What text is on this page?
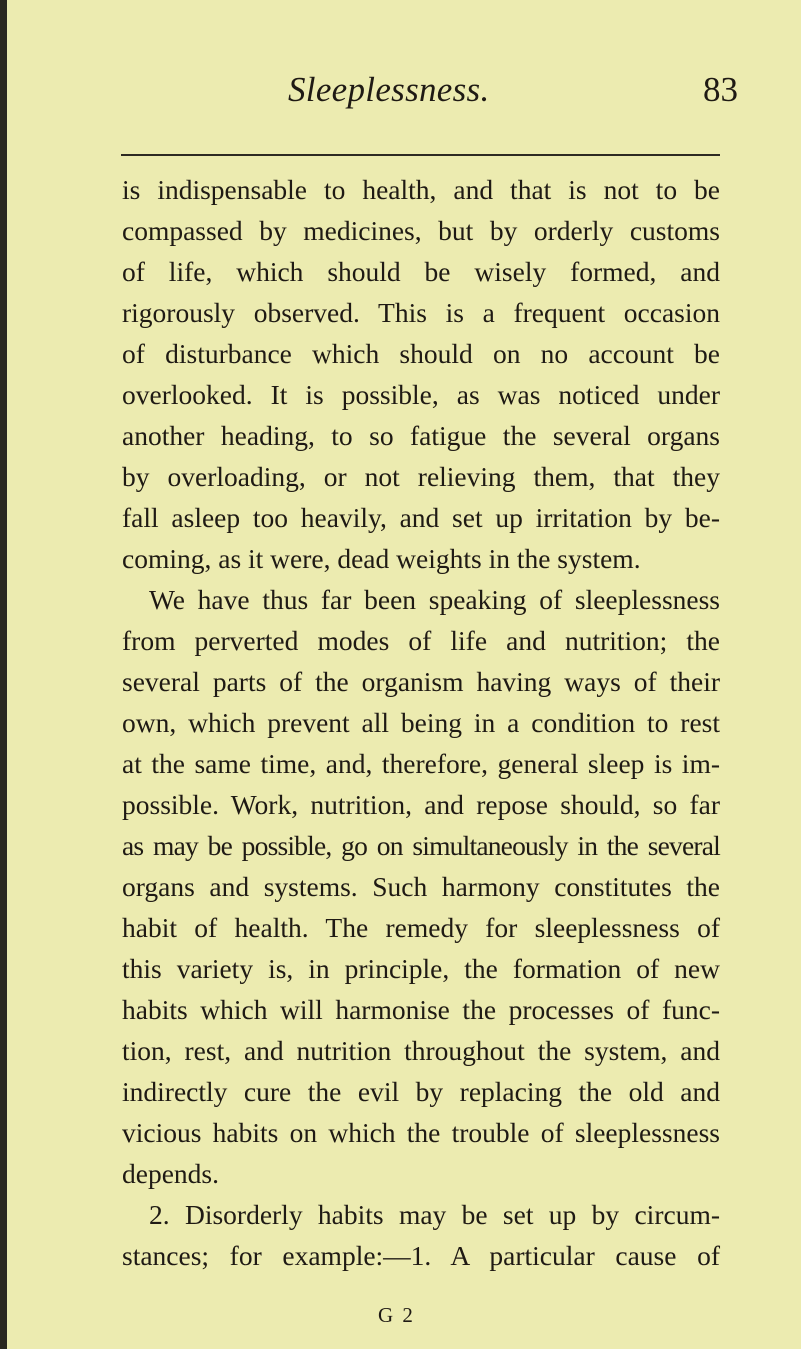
Sleeplessness.	83
is indispensable to health, and that is not to be
compassed by medicines, but by orderly customs
of life, which should be wisely formed, and
rigorously observed. This is a frequent occasion
of disturbance which should on no account be
overlooked. It is possible, as was noticed under
another heading, to so fatigue the several organs
by overloading, or not relieving them, that they
fall asleep too heavily, and set up irritation by be-
coming, as it were, dead weights in the system.
We have thus far been speaking of sleeplessness
from perverted modes of life and nutrition; the
several parts of the organism having ways of their
own, which prevent all being in a condition to rest
at the same time, and, therefore, general sleep is im-
possible. Work, nutrition, and repose should, so far
as may be possible, go on simultaneously in the several
organs and systems. Such harmony constitutes the
habit of health. The remedy for sleeplessness of
this variety is, in principle, the formation of new
habits which will harmonise the processes of func-
tion, rest, and nutrition throughout the system, and
indirectly cure the evil by replacing the old and
vicious habits on which the trouble of sleeplessness
depends.
2. Disorderly habits may be set up by circum-
stances; for example:—1. A particular cause of
G 2
